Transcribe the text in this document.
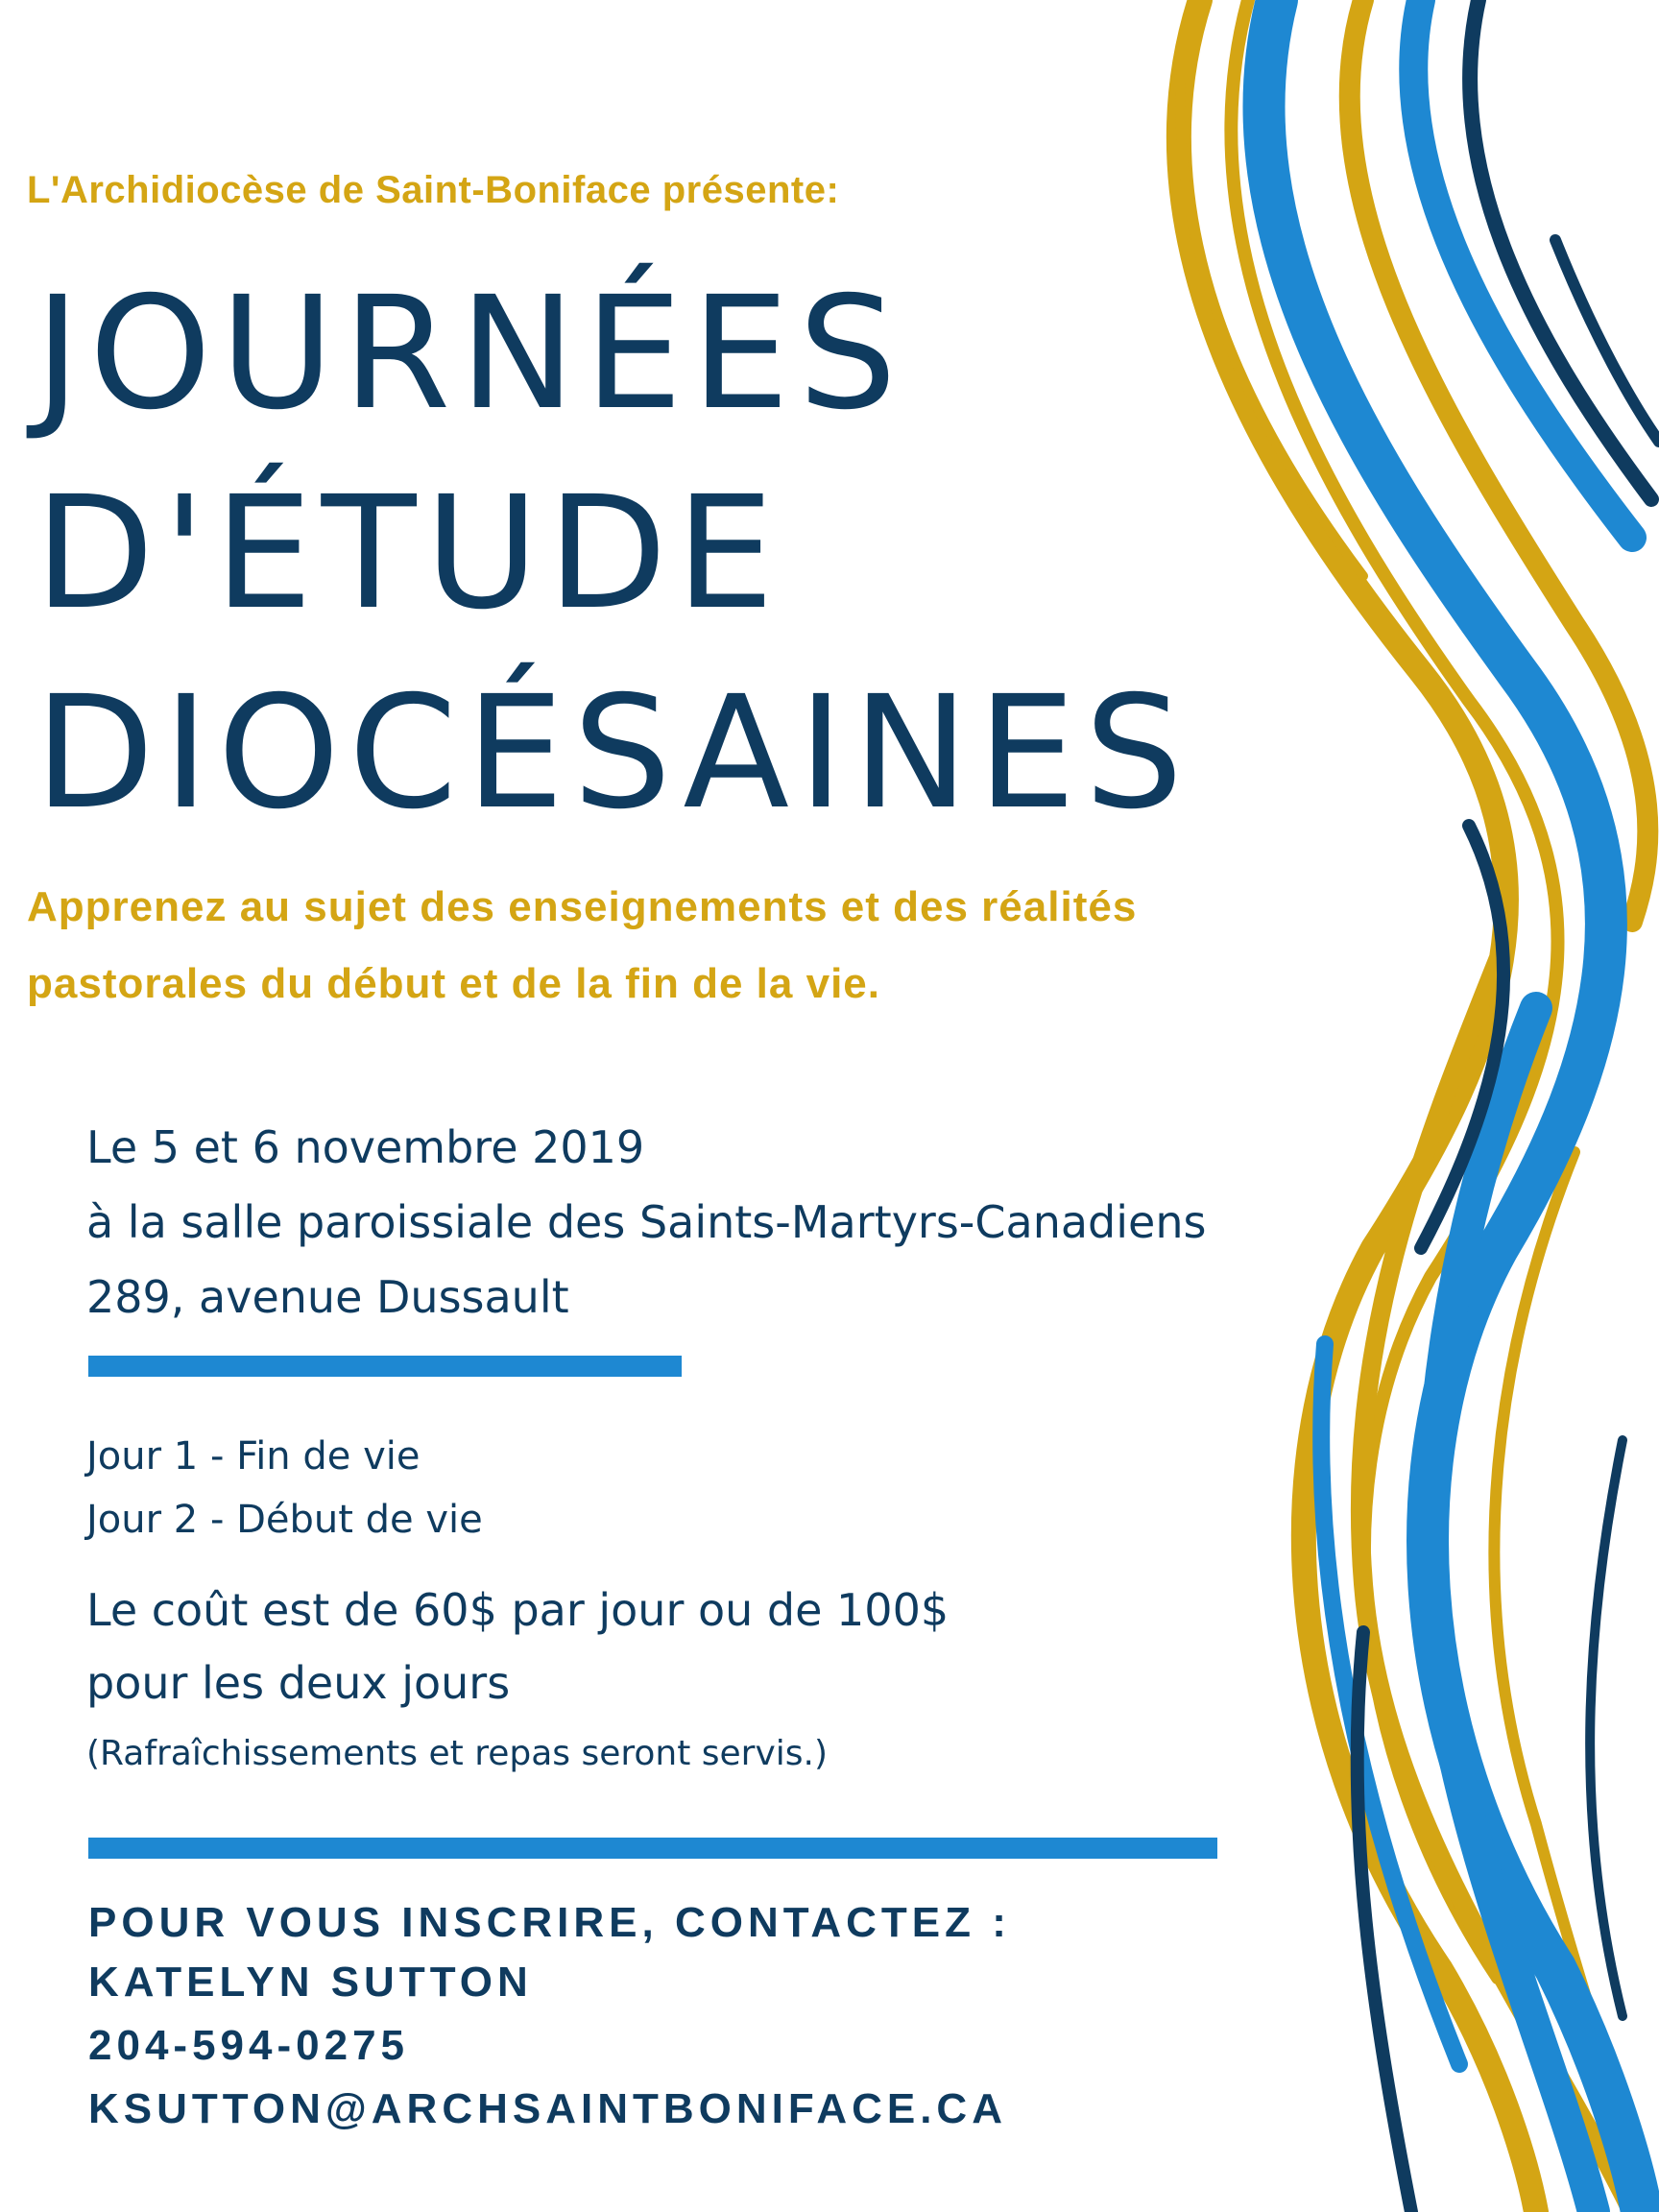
L'Archidiocèse de Saint-Boniface présente:
JOURNÉES
D'ÉTUDE
DIOCÉSAINES
Apprenez au sujet des enseignements et des réalités
pastorales du début et de la fin de la vie.
Le 5 et 6 novembre 2019
à la salle paroissiale des Saints-Martyrs-Canadiens
289, avenue Dussault
Jour 1 - Fin de vie
Jour 2 - Début de vie
Le coût est de 60$ par jour ou de 100$
pour les deux jours
(Rafraîchissements et repas seront servis.)
POUR VOUS INSCRIRE, CONTACTEZ :
KATELYN SUTTON
204-594-0275
KSUTTON@ARCHSAINTBONIFACE.CA
